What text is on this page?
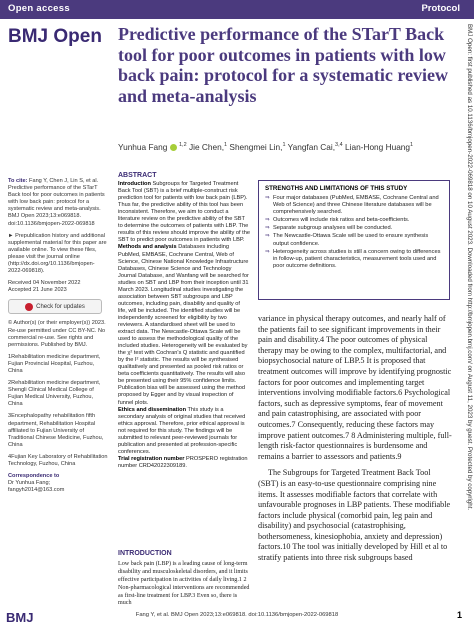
Open access	Protocol
BMJ Open Predictive performance of the STarT Back tool for poor outcomes in patients with low back pain: protocol for a systematic review and meta-analysis
Yunhua Fang $^{1,2}$ Jie Chen,$^1$ Shengmei Lin,$^1$ Yangfan Cai,$^{3,4}$ Lian-Hong Huang$^1$

To cite: Fang Y, Chen J, Lin S, et al. Predictive performance of the STarT Back tool for poor outcomes in patients with low back pain: protocol for a systematic review and meta-analysis. BMJ Open 2023;13:e069818. doi:10.1136/bmjopen-2022-069818

► Prepublication history and additional supplemental material for this paper are available online. To view these files, please visit the journal online (http://dx.doi.org/10.1136/bmjopen-2022-069818).

Received 04 November 2022
Accepted 21 June 2023

Check for updates

© Author(s) (or their employer(s)) 2023. Re-use permitted under CC BY-NC. No commercial re-use. See rights and permissions. Published by BMJ.

1Rehabilitation medicine department, Fujian Provincial Hospital, Fuzhou, China

2Rehabilitation medicine department, Shengli Clinical Medical College of Fujian Medical University, Fuzhou, China

3Encephalopathy rehabilitation fifth department, Rehabilitation Hospital affiliated to Fujian University of Traditional Chinese Medicine, Fuzhou, China

4Fujian Key Laboratory of Rehabilitation Technology, Fuzhou, China

Correspondence to
Dr Yunhua Fang;
fangyh2014@163.com

ABSTRACT

Introduction Subgroups for Targeted Treatment Back Tool (SBT) is a brief multiple-construct risk prediction tool for patients with low back pain (LBP). Thus far, the predictive ability of this tool has been inconsistent. Therefore, we aim to conduct a literature review on the predictive ability of the SBT to determine the outcomes of patients with LBP. The results of this review should improve the ability of the SBT to predict poor outcomes in patients with LBP.

Methods and analysis Databases including PubMed, EMBASE, Cochrane Central, Web of Science, Chinese National Knowledge Infrastructure Databases, Chinese Science and Technology Journal Database, and Wanfang will be searched for studies on SBT and LBP from their inception until 31 March 2023. Longitudinal studies investigating the association between SBT subgroups and LBP outcomes, including pain, disability and quality of life, will be included. The identified studies will be independently screened for eligibility by two reviewers. A standardised sheet will be used to extract data. The Newcastle-Ottawa Scale will be used to assess the methodological quality of the included studies. Heterogeneity will be evaluated by the χ² test with Cochran's Q statistic and quantified by the I² statistic. The results will be synthesised qualitatively and presented as pooled risk ratios or beta coefficients quantitatively. The results will also be presented using their 95% confidence limits. Publication bias will be assessed using the method proposed by Egger and by visual inspection of funnel plots.

Ethics and dissemination This study is a secondary analysis of original studies that received ethics approval. Therefore, prior ethical approval is not required for this study. The findings will be submitted to relevant peer-reviewed journals for publication and presented at profession-specific conferences.

Trial registration number PROSPERO registration number CRD42022309189.

INTRODUCTION

Low back pain (LBP) is a leading cause of long-term disability and musculoskeletal disorders, and it limits effective participation in activities of daily living.1 2 Non-pharmacological interventions are recommended as first-line treatment for LBP.3 Even so, there is much

STRENGTHS AND LIMITATIONS OF THIS STUDY
⇒ Four major databases (PubMed, EMBASE, Cochrane Central and Web of Science) and three Chinese literature databases will be comprehensively searched.
⇒ Outcomes will include risk ratios and beta-coefficients.
⇒ Separate subgroup analyses will be conducted.
⇒ The Newcastle-Ottawa Scale will be used to ensure synthesis output confidence.
⇒ Heterogeneity across studies is still a concern owing to differences in follow-up, patient characteristics, measurement tools used and poor outcome definitions.

variance in physical therapy outcomes, and nearly half of the patients fail to see significant improvements in their pain and disability.4 The poor outcomes of physical therapy may be owing to the complex, multifactorial, and biopsychosocial nature of LBP.5 It is proposed that treatment outcomes will improve by identifying prognostic factors for poor outcomes and implementing target interventions involving modifiable factors.6 Psychological factors, such as depressive symptoms, fear of movement and pain catastrophising, are associated with poor outcomes.7 Consequently, reducing these factors may improve patient outcomes.7 8 Administering multiple, full-length risk-factor questionnaires is burdensome and remains a barrier to assessors and patients.9

The Subgroups for Targeted Treatment Back Tool (SBT) is an easy-to-use questionnaire comprising nine items. It assesses modifiable factors that correlate with unfavourable prognoses in LBP patients. These modifiable factors include physical (comorbid pain, leg pain and disability) and psychosocial (catastrophising, bothersomeness, kinesiophobia, anxiety and depression) factors.10 The tool was initially developed by Hill et al to stratify patients into three risk subgroups based

BMJ Open: first published as 10.1136/bmjopen-2022-069818 on 10 August 2023. Downloaded from http://bmjopen.bmj.com/ on August 11, 2023 by guest. Protected by copyright.
BMJ	Fang Y, et al. BMJ Open 2023;13:e069818. doi:10.1136/bmjopen-2022-069818	1
